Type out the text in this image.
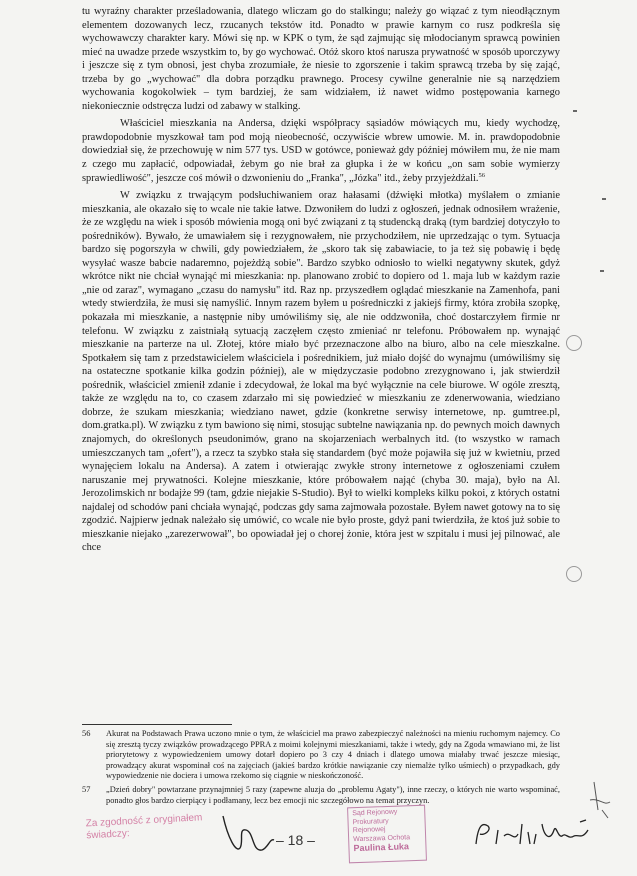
tu wyraźny charakter prześladowania, dlatego wliczam go do stalkingu; należy go wiązać z tym nieodłącznym elementem dozowanych lecz, rzucanych tekstów itd. Ponadto w prawie karnym co rusz podkreśla się wychowawczy charakter kary. Mówi się np. w KPK o tym, że sąd zajmując się młodocianym sprawcą powinien mieć na uwadze przede wszystkim to, by go wychować. Otóż skoro ktoś narusza prywatność w sposób uporczywy i jeszcze się z tym obnosi, jest chyba zrozumiałe, że niesie to zgorszenie i takim sprawcą trzeba by się zająć, trzeba by go „wychować" dla dobra porządku prawnego. Procesy cywilne generalnie nie są narzędziem wychowania kogokolwiek – tym bardziej, że sam widziałem, iż nawet widmo postępowania karnego niekoniecznie odstręcza ludzi od zabawy w stalking.

Właściciel mieszkania na Andersa, dzięki współpracy sąsiadów mówiących mu, kiedy wychodzę, prawdopodobnie myszkował tam pod moją nieobecność, oczywiście wbrew umowie. M. in. prawdopodobnie dowiedział się, że przechowuję w nim 577 tys. USD w gotówce, ponieważ gdy później mówiłem mu, że nie mam z czego mu zapłacić, odpowiadał, żebym go nie brał za głupka i że w końcu „on sam sobie wymierzy sprawiedliwość", jeszcze coś mówił o dzwonieniu do „Franka", „Józka" itd., żeby przyjeżdżali.$^{56}$

W związku z trwającym podsłuchiwaniem oraz hałasami (dźwięki młotka) myślałem o zmianie mieszkania, ale okazało się to wcale nie takie łatwe. Dzwoniłem do ludzi z ogłoszeń, jednak odnosiłem wrażenie, że ze względu na wiek i sposób mówienia mogą oni być związani z tą studencką draką (tym bardziej dotyczyło to pośredników). Bywało, że umawiałem się i rezygnowałem, nie przychodziłem, nie uprzedzając o tym. Sytuacja bardzo się pogorszyła w chwili, gdy powiedziałem, że „skoro tak się zabawiacie, to ja też się pobawię i będę wysyłać wasze babcie nadaremno, pojeżdżą sobie". Bardzo szybko odniosło to wielki negatywny skutek, gdyż wkrótce nikt nie chciał wynająć mi mieszkania: np. planowano zrobić to dopiero od 1. maja lub w każdym razie „nie od zaraz", wymagano „czasu do namysłu" itd. Raz np. przyszedłem oglądać mieszkanie na Zamenhofa, pani wtedy stwierdziła, że musi się namyślić. Innym razem byłem u pośredniczki z jakiejś firmy, która zrobiła szopkę, pokazała mi mieszkanie, a następnie niby umówiliśmy się, ale nie oddzwoniła, choć dostarczyłem firmie nr telefonu. W związku z zaistniałą sytuacją zaczęłem często zmieniać nr telefonu. Próbowałem np. wynająć mieszkanie na parterze na ul. Złotej, które miało być przeznaczone albo na biuro, albo na cele mieszkalne. Spotkałem się tam z przedstawicielem właściciela i pośrednikiem, już miało dojść do wynajmu (umówiliśmy się na ostateczne spotkanie kilka godzin później), ale w międzyczasie podobno zrezygnowano i, jak stwierdził pośrednik, właściciel zmienił zdanie i zdecydował, że lokal ma być wyłącznie na cele biurowe. W ogóle zresztą, także ze względu na to, co czasem zdarzało mi się powiedzieć w mieszkaniu ze zdenerwowania, wiedziano dobrze, że szukam mieszkania; wiedziano nawet, gdzie (konkretne serwisy internetowe, np. gumtree.pl, dom.gratka.pl). W związku z tym bawiono się nimi, stosując subtelne nawiązania np. do pewnych moich dawnych znajomych, do określonych pseudonimów, grano na skojarzeniach werbalnych itd. (to wszystko w ramach umieszczanych tam „ofert"), a rzecz ta szybko stała się standardem (być może pojawiła się już w kwietniu, przed wynajęciem lokalu na Andersa). A zatem i otwierając zwykłe strony internetowe z ogłoszeniami czułem naruszanie mej prywatności. Kolejne mieszkanie, które próbowałem nająć (chyba 30. maja), było na Al. Jerozolimskich nr bodajże 99 (tam, gdzie niejakie S-Studio). Był to wielki kompleks kilku pokoi, z których ostatni najdalej od schodów pani chciała wynająć, podczas gdy sama zajmowała pozostałe. Byłem nawet gotowy na to się zgodzić. Najpierw jednak należało się umówić, co wcale nie było proste, gdyż pani twierdziła, że ktoś już sobie to mieszkanie niejako „zarezerwował", bo opowiadał jej o chorej żonie, która jest w szpitalu i musi jej pilnować, ale chce

56	Akurat na Podstawach Prawa uczono mnie o tym, że właściciel ma prawo zabezpieczyć należności na mieniu ruchomym najemcy. Co się zresztą tyczy związków prowadzącego PPRA z moimi kolejnymi mieszkaniami, także i wtedy, gdy na Zgoda wmawiano mi, że list priorytetowy z wypowiedzeniem umowy dotarł dopiero po 3 czy 4 dniach i dlatego umowa miałaby trwać jeszcze miesiąc, prowadzący akurat wspominał coś na zajęciach (jakieś bardzo krótkie nawiązanie czy niemalże tylko uśmiech) o przypadkach, gdy wypowiedzenie nie dociera i umowa rzekomo się ciągnie w nieskończoność.
57	„Dzień dobry" powtarzane przynajmniej 5 razy (zapewne aluzja do „problemu Agaty"), inne rzeczy, o których nie warto wspominać, ponadto głos bardzo cierpiący i podłamany, lecz bez emocji nic szczegółowo na temat przyczyn.
Za zgodność z oryginałem
świadczy:	– 18 –
Sąd Rejonowy
Prokuratury Rejonowej
Warszawa Ochota
Paulina Łuka
